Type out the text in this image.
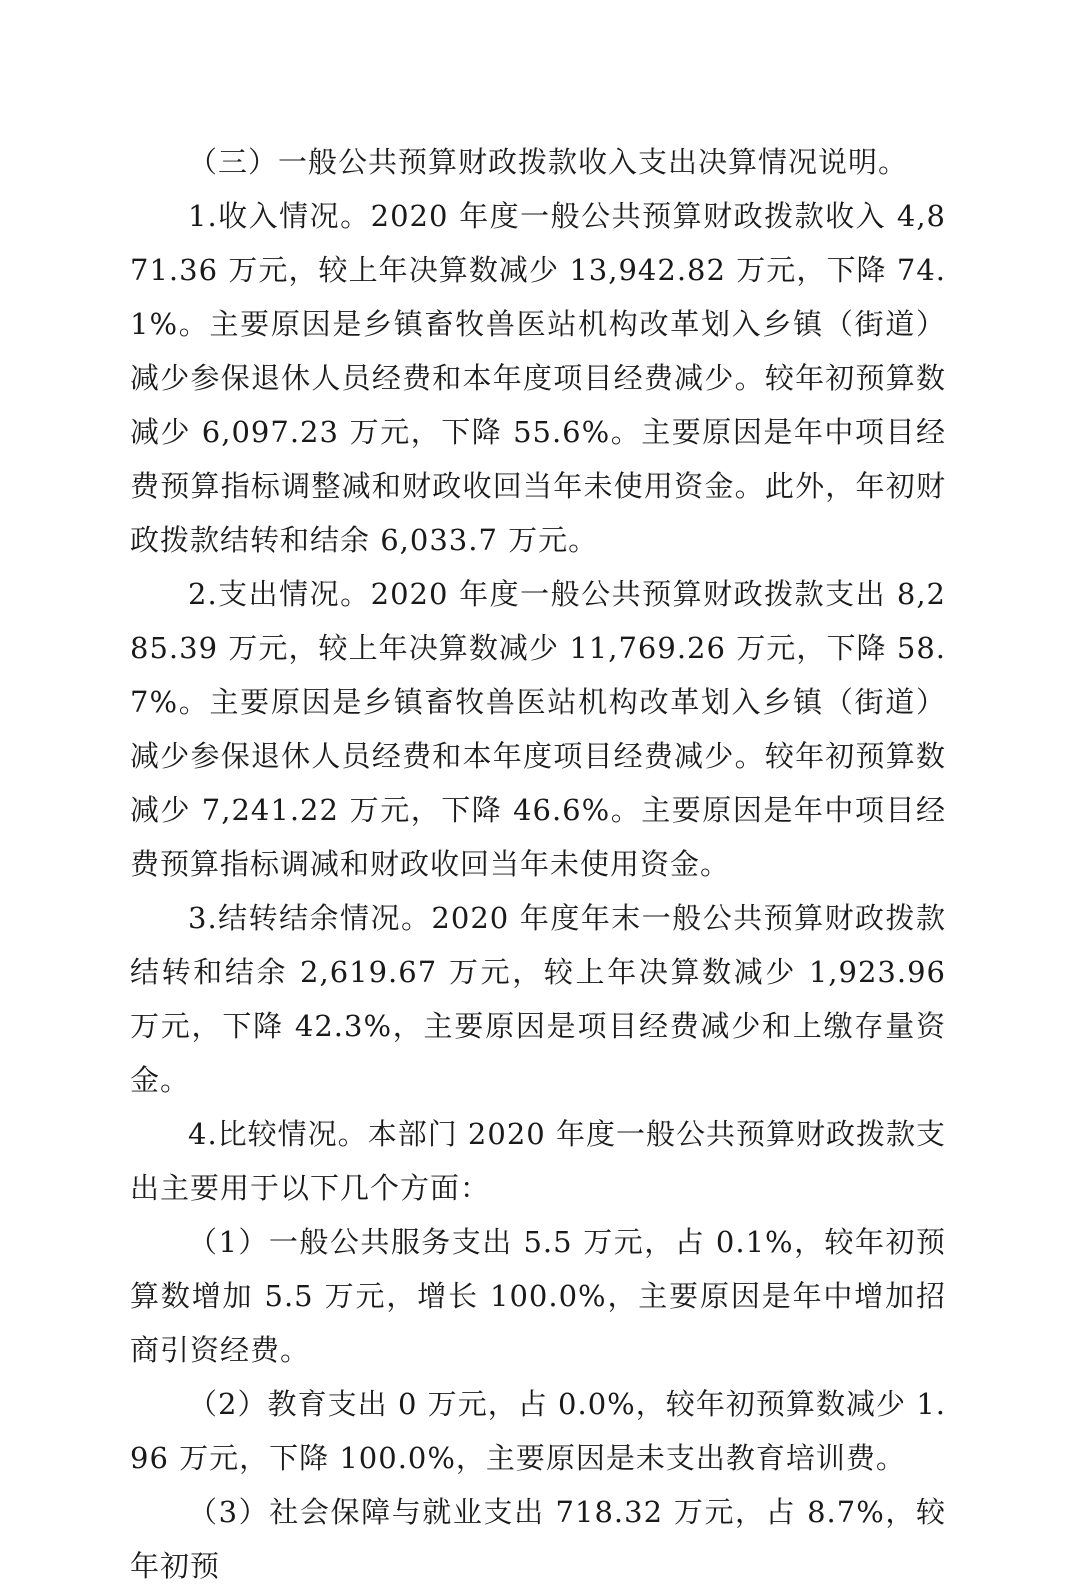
（三）一般公共预算财政拨款收入支出决算情况说明。

1.收入情况。2020 年度一般公共预算财政拨款收入 4,871.36 万元，较上年决算数减少 13,942.82 万元，下降 74.1%。主要原因是乡镇畜牧兽医站机构改革划入乡镇（街道）减少参保退休人员经费和本年度项目经费减少。较年初预算数减少 6,097.23 万元，下降 55.6%。主要原因是年中项目经费预算指标调整减和财政收回当年未使用资金。此外，年初财政拨款结转和结余 6,033.7 万元。

2.支出情况。2020 年度一般公共预算财政拨款支出 8,285.39 万元，较上年决算数减少 11,769.26 万元，下降 58.7%。主要原因是乡镇畜牧兽医站机构改革划入乡镇（街道）减少参保退休人员经费和本年度项目经费减少。较年初预算数减少 7,241.22 万元，下降 46.6%。主要原因是年中项目经费预算指标调减和财政收回当年未使用资金。

3.结转结余情况。2020 年度年末一般公共预算财政拨款结转和结余 2,619.67 万元，较上年决算数减少 1,923.96 万元，下降 42.3%，主要原因是项目经费减少和上缴存量资金。

4.比较情况。本部门 2020 年度一般公共预算财政拨款支出主要用于以下几个方面：

（1）一般公共服务支出 5.5 万元，占 0.1%，较年初预算数增加 5.5 万元，增长 100.0%，主要原因是年中增加招商引资经费。

（2）教育支出 0 万元，占 0.0%，较年初预算数减少 1.96 万元，下降 100.0%，主要原因是未支出教育培训费。

（3）社会保障与就业支出 718.32 万元，占 8.7%，较年初预
